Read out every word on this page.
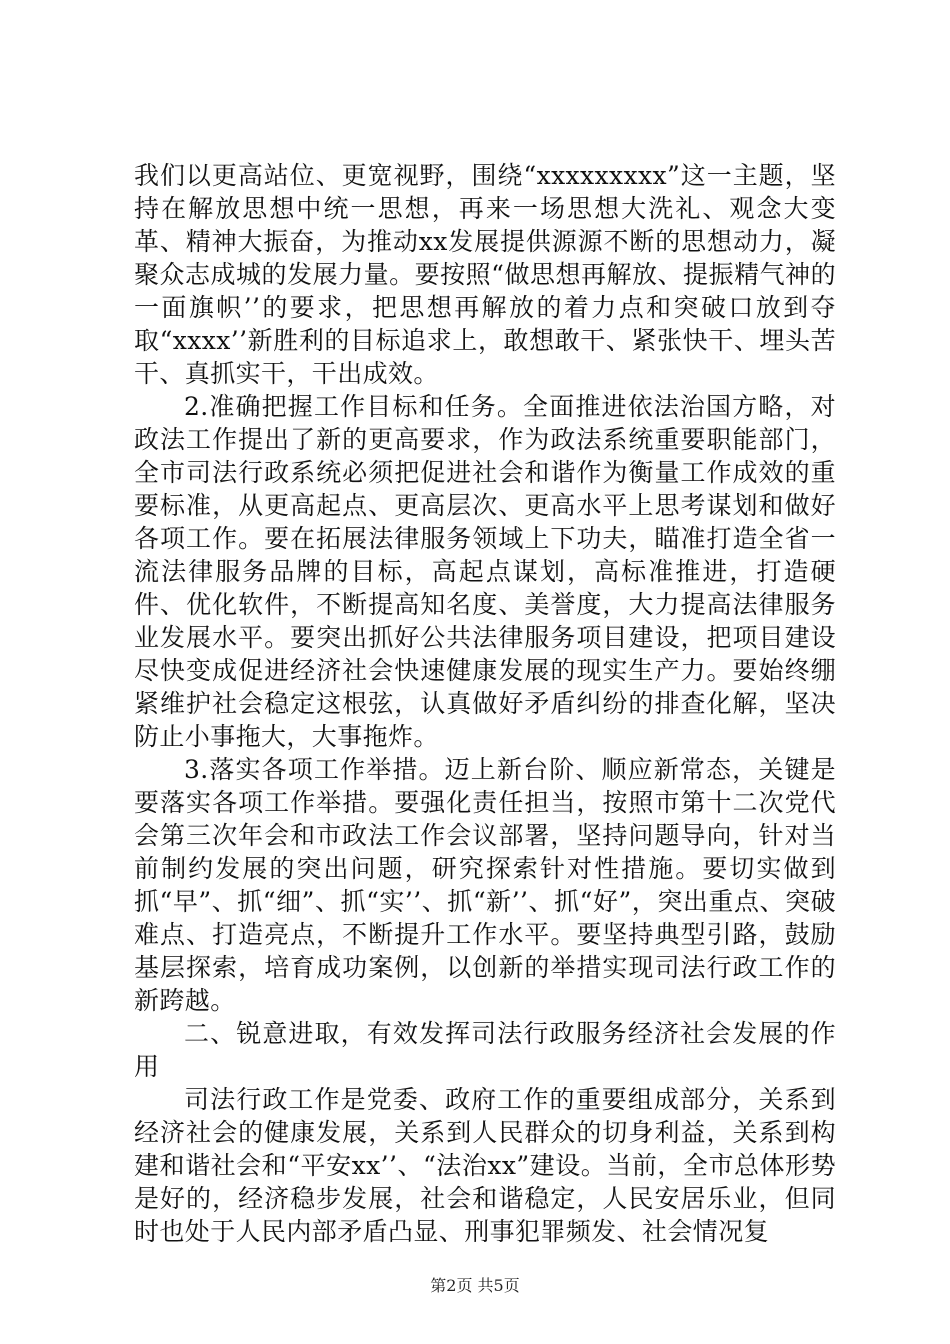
我们以更高站位、更宽视野，围绕“xxxxxxxxx”这一主题，坚持在解放思想中统一思想，再来一场思想大洗礼、观念大变革、精神大振奋，为推动xx发展提供源源不断的思想动力，凝聚众志成城的发展力量。要按照“做思想再解放、提振精气神的一面旗帜’’的要求，把思想再解放的着力点和突破口放到夺取“xxxx’’新胜利的目标追求上，敢想敢干、紧张快干、埋头苦干、真抓实干，干出成效。

2.准确把握工作目标和任务。全面推进依法治国方略，对政法工作提出了新的更高要求，作为政法系统重要职能部门，全市司法行政系统必须把促进社会和谐作为衡量工作成效的重要标准，从更高起点、更高层次、更高水平上思考谋划和做好各项工作。要在拓展法律服务领域上下功夫，瞄准打造全省一流法律服务品牌的目标，高起点谋划，高标准推进，打造硬件、优化软件，不断提高知名度、美誉度，大力提高法律服务业发展水平。要突出抓好公共法律服务项目建设，把项目建设尽快变成促进经济社会快速健康发展的现实生产力。要始终绷紧维护社会稳定这根弦，认真做好矛盾纠纷的排查化解，坚决防止小事拖大，大事拖炸。

3.落实各项工作举措。迈上新台阶、顺应新常态，关键是要落实各项工作举措。要强化责任担当，按照市第十二次党代会第三次年会和市政法工作会议部署，坚持问题导向，针对当前制约发展的突出问题，研究探索针对性措施。要切实做到抓“早”、抓“细”、抓“实’’、抓“新’’、抓“好”，突出重点、突破难点、打造亮点，不断提升工作水平。要坚持典型引路，鼓励基层探索，培育成功案例，以创新的举措实现司法行政工作的新跨越。

二、锐意进取，有效发挥司法行政服务经济社会发展的作用

司法行政工作是党委、政府工作的重要组成部分，关系到经济社会的健康发展，关系到人民群众的切身利益，关系到构建和谐社会和“平安xx’’、“法治xx”建设。当前，全市总体形势是好的，经济稳步发展，社会和谐稳定，人民安居乐业，但同时也处于人民内部矛盾凸显、刑事犯罪频发、社会情况复

第2页 共5页
